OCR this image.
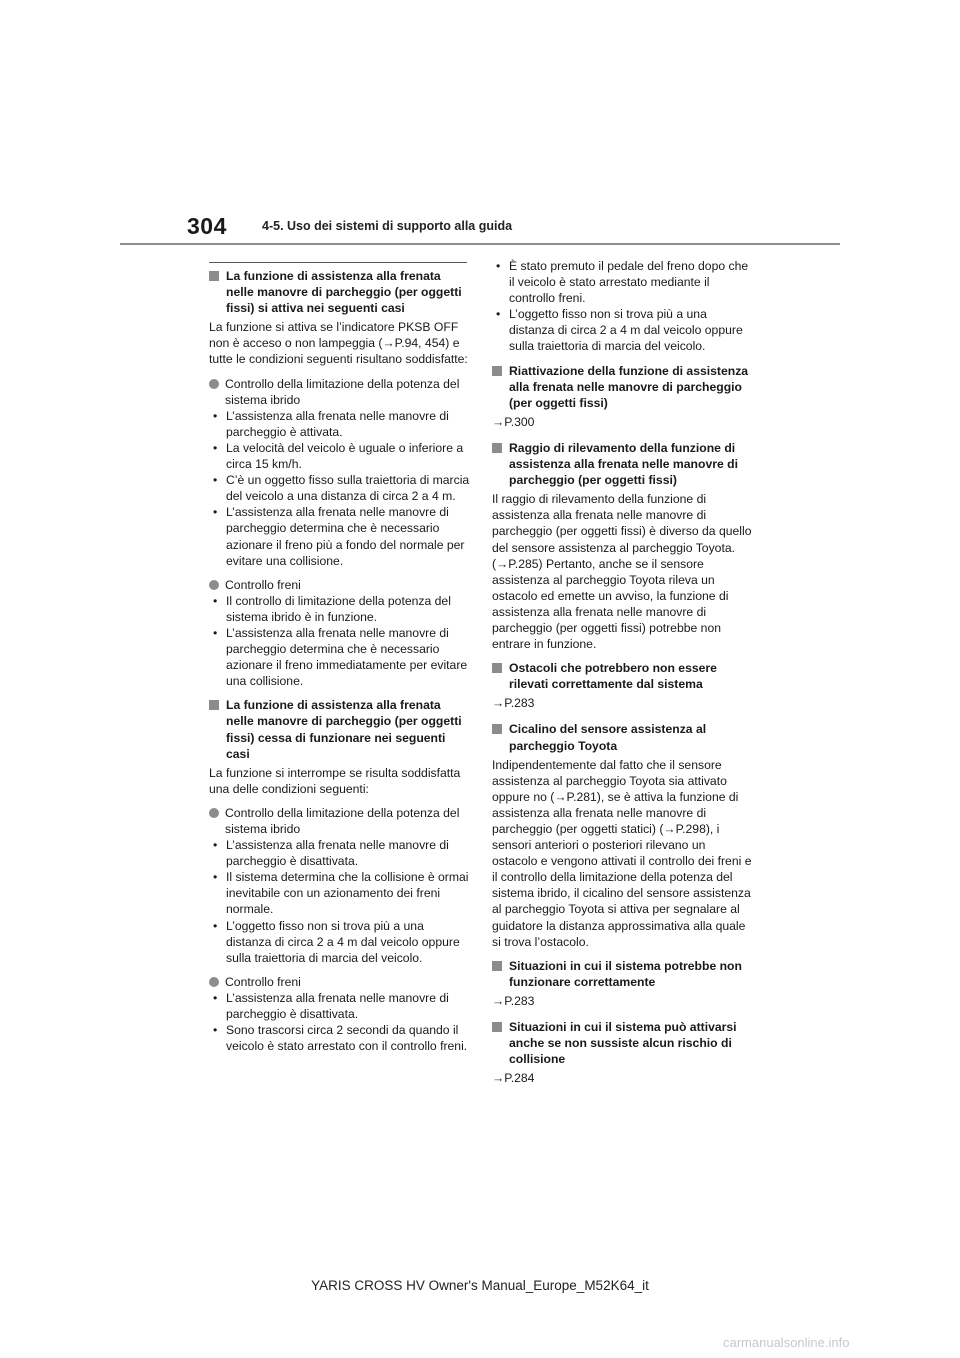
304	4-5. Uso dei sistemi di supporto alla guida
La funzione di assistenza alla frenata nelle manovre di parcheggio (per oggetti fissi) si attiva nei seguenti casi

La funzione si attiva se l’indicatore PKSB OFF non è acceso o non lampeggia (→P.94, 454) e tutte le condizioni seguenti risultano soddisfatte:

Controllo della limitazione della potenza del sistema ibrido

• L’assistenza alla frenata nelle manovre di parcheggio è attivata.
• La velocità del veicolo è uguale o inferiore a circa 15 km/h.
• C’è un oggetto fisso sulla traiettoria di marcia del veicolo a una distanza di circa 2 a 4 m.
• L’assistenza alla frenata nelle manovre di parcheggio determina che è necessario azionare il freno più a fondo del normale per evitare una collisione.

Controllo freni

• Il controllo di limitazione della potenza del sistema ibrido è in funzione.
• L’assistenza alla frenata nelle manovre di parcheggio determina che è necessario azionare il freno immediatamente per evitare una collisione.
La funzione di assistenza alla frenata nelle manovre di parcheggio (per oggetti fissi) cessa di funzionare nei seguenti casi

La funzione si interrompe se risulta soddisfatta una delle condizioni seguenti:

Controllo della limitazione della potenza del sistema ibrido

• L’assistenza alla frenata nelle manovre di parcheggio è disattivata.
• Il sistema determina che la collisione è ormai inevitabile con un azionamento dei freni normale.
• L’oggetto fisso non si trova più a una distanza di circa 2 a 4 m dal veicolo oppure sulla traiettoria di marcia del veicolo.

Controllo freni

• L’assistenza alla frenata nelle manovre di parcheggio è disattivata.
• Sono trascorsi circa 2 secondi da quando il veicolo è stato arrestato con il controllo freni.
• È stato premuto il pedale del freno dopo che il veicolo è stato arrestato mediante il controllo freni.
• L’oggetto fisso non si trova più a una distanza di circa 2 a 4 m dal veicolo oppure sulla traiettoria di marcia del veicolo.
Riattivazione della funzione di assistenza alla frenata nelle manovre di parcheggio (per oggetti fissi)

→P.300

Raggio di rilevamento della funzione di assistenza alla frenata nelle manovre di parcheggio (per oggetti fissi)

Il raggio di rilevamento della funzione di assistenza alla frenata nelle manovre di parcheggio (per oggetti fissi) è diverso da quello del sensore assistenza al parcheggio Toyota. (→P.285) Pertanto, anche se il sensore assistenza al parcheggio Toyota rileva un ostacolo ed emette un avviso, la funzione di assistenza alla frenata nelle manovre di parcheggio (per oggetti fissi) potrebbe non entrare in funzione.

Ostacoli che potrebbero non essere rilevati correttamente dal sistema

→P.283

Cicalino del sensore assistenza al parcheggio Toyota

Indipendentemente dal fatto che il sensore assistenza al parcheggio Toyota sia attivato oppure no (→P.281), se è attiva la funzione di assistenza alla frenata nelle manovre di parcheggio (per oggetti statici) (→P.298), i sensori anteriori o posteriori rilevano un ostacolo e vengono attivati il controllo dei freni e il controllo della limitazione della potenza del sistema ibrido, il cicalino del sensore assistenza al parcheggio Toyota si attiva per segnalare al guidatore la distanza approssimativa alla quale si trova l’ostacolo.

Situazioni in cui il sistema potrebbe non funzionare correttamente

→P.283

Situazioni in cui il sistema può attivarsi anche se non sussiste alcun rischio di collisione

→P.284

YARIS CROSS HV Owner's Manual_Europe_M52K64_it
carmanualsonline.info
